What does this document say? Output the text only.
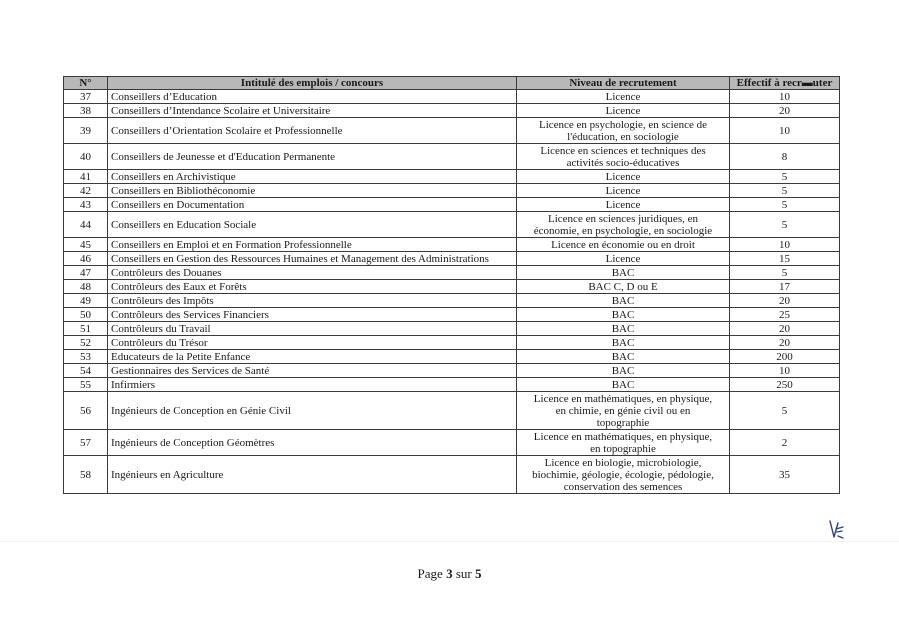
N°	Intitulé des emplois / concours	Niveau de recrutement	Effectif à recr▬uter
37	Conseillers d’Education	Licence	10
38	Conseillers d’Intendance Scolaire et Universitaire	Licence	20
39	Conseillers d’Orientation Scolaire et Professionnelle	Licence en psychologie, en science de
l'éducation, en sociologie	10
40	Conseillers de Jeunesse et d'Education Permanente	Licence en sciences et techniques des
activités socio-éducatives	8
41	Conseillers en Archivistique	Licence	5
42	Conseillers en Bibliothéconomie	Licence	5
43	Conseillers en Documentation	Licence	5
44	Conseillers en Education Sociale	Licence en sciences juridiques, en
économie, en psychologie, en sociologie	5
45	Conseillers en Emploi et en Formation Professionnelle	Licence en économie ou en droit	10
46	Conseillers en Gestion des Ressources Humaines et Management des Administrations	Licence	15
47	Contrôleurs des Douanes	BAC	5
48	Contrôleurs des Eaux et Forêts	BAC C, D ou E	17
49	Contrôleurs des Impôts	BAC	20
50	Contrôleurs des Services Financiers	BAC	25
51	Contrôleurs du Travail	BAC	20
52	Contrôleurs du Trésor	BAC	20
53	Educateurs de la Petite Enfance	BAC	200
54	Gestionnaires des Services de Santé	BAC	10
55	Infirmiers	BAC	250
56	Ingénieurs de Conception en Génie Civil	Licence en mathématiques, en physique,
en chimie, en génie civil ou en
topographie	5
57	Ingénieurs de Conception Géomètres	Licence en mathématiques, en physique,
en topographie	2
58	Ingénieurs en Agriculture	Licence en biologie, microbiologie,
biochimie, géologie, écologie, pédologie,
conservation des semences	35
Page 3 sur 5
